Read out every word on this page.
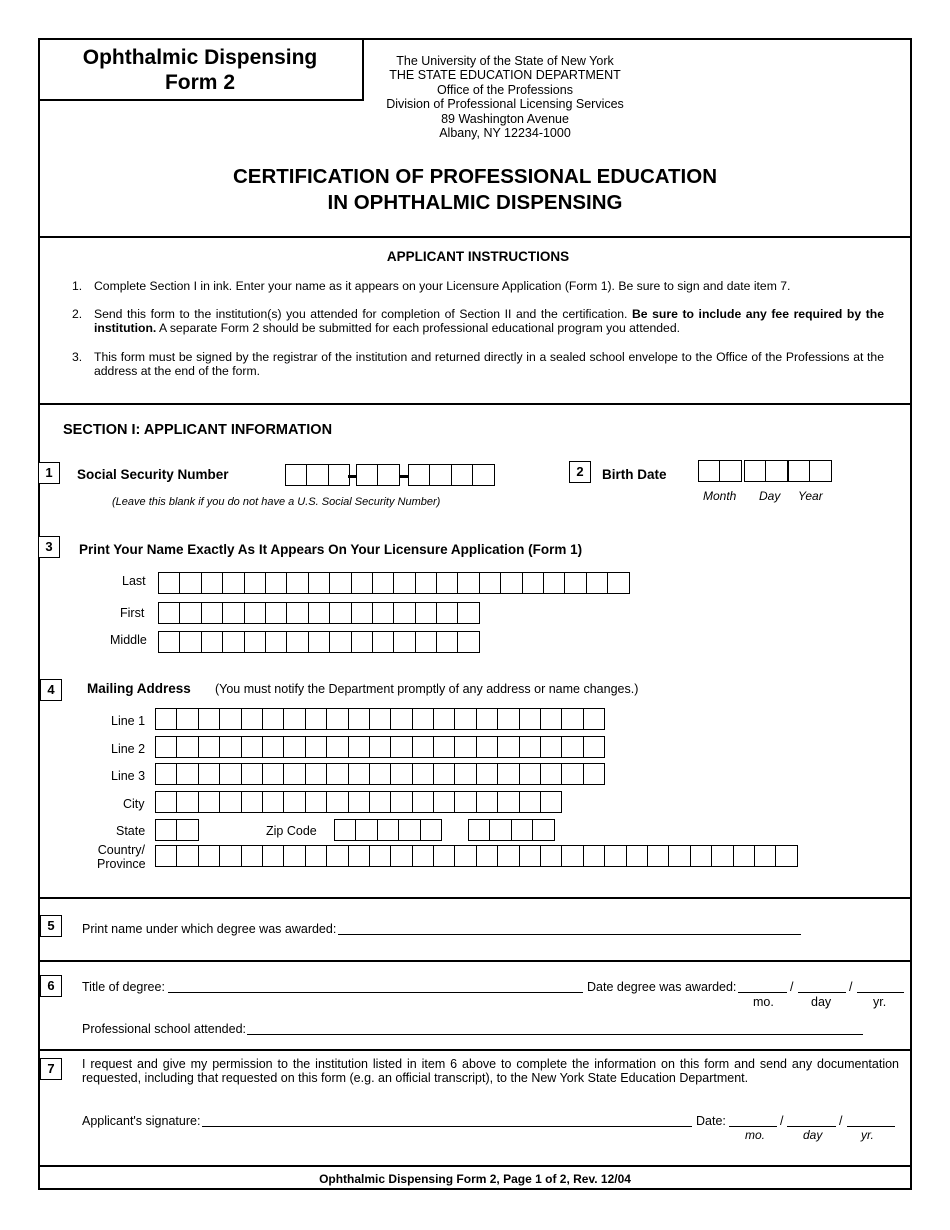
Ophthalmic Dispensing
Form 2
The University of the State of New York
THE STATE EDUCATION DEPARTMENT
Office of the Professions
Division of Professional Licensing Services
89 Washington Avenue
Albany, NY 12234-1000
CERTIFICATION OF PROFESSIONAL EDUCATION
IN OPHTHALMIC DISPENSING
APPLICANT INSTRUCTIONS
1. Complete Section I in ink. Enter your name as it appears on your Licensure Application (Form 1). Be sure to sign and date item 7.
2. Send this form to the institution(s) you attended for completion of Section II and the certification. Be sure to include any fee required by the institution. A separate Form 2 should be submitted for each professional educational program you attended.
3. This form must be signed by the registrar of the institution and returned directly in a sealed school envelope to the Office of the Professions at the address at the end of the form.
SECTION I: APPLICANT INFORMATION
1	Social Security Number
(Leave this blank if you do not have a U.S. Social Security Number)
2	Birth Date
Month Day Year
3	Print Your Name Exactly As It Appears On Your Licensure Application (Form 1)
Last
First
Middle
4	Mailing Address (You must notify the Department promptly of any address or name changes.)
Line 1
Line 2
Line 3
City
State	Zip Code
Country/
Province
5	Print name under which degree was awarded:
6	Title of degree:	Date degree was awarded:	/	/
mo.	day	yr.
Professional school attended:
7	I request and give my permission to the institution listed in item 6 above to complete the information on this form and send any documentation requested, including that requested on this form (e.g. an official transcript), to the New York State Education Department.
Applicant's signature:	Date:	/	/
mo.	day	yr.
Ophthalmic Dispensing Form 2, Page 1 of 2, Rev. 12/04
